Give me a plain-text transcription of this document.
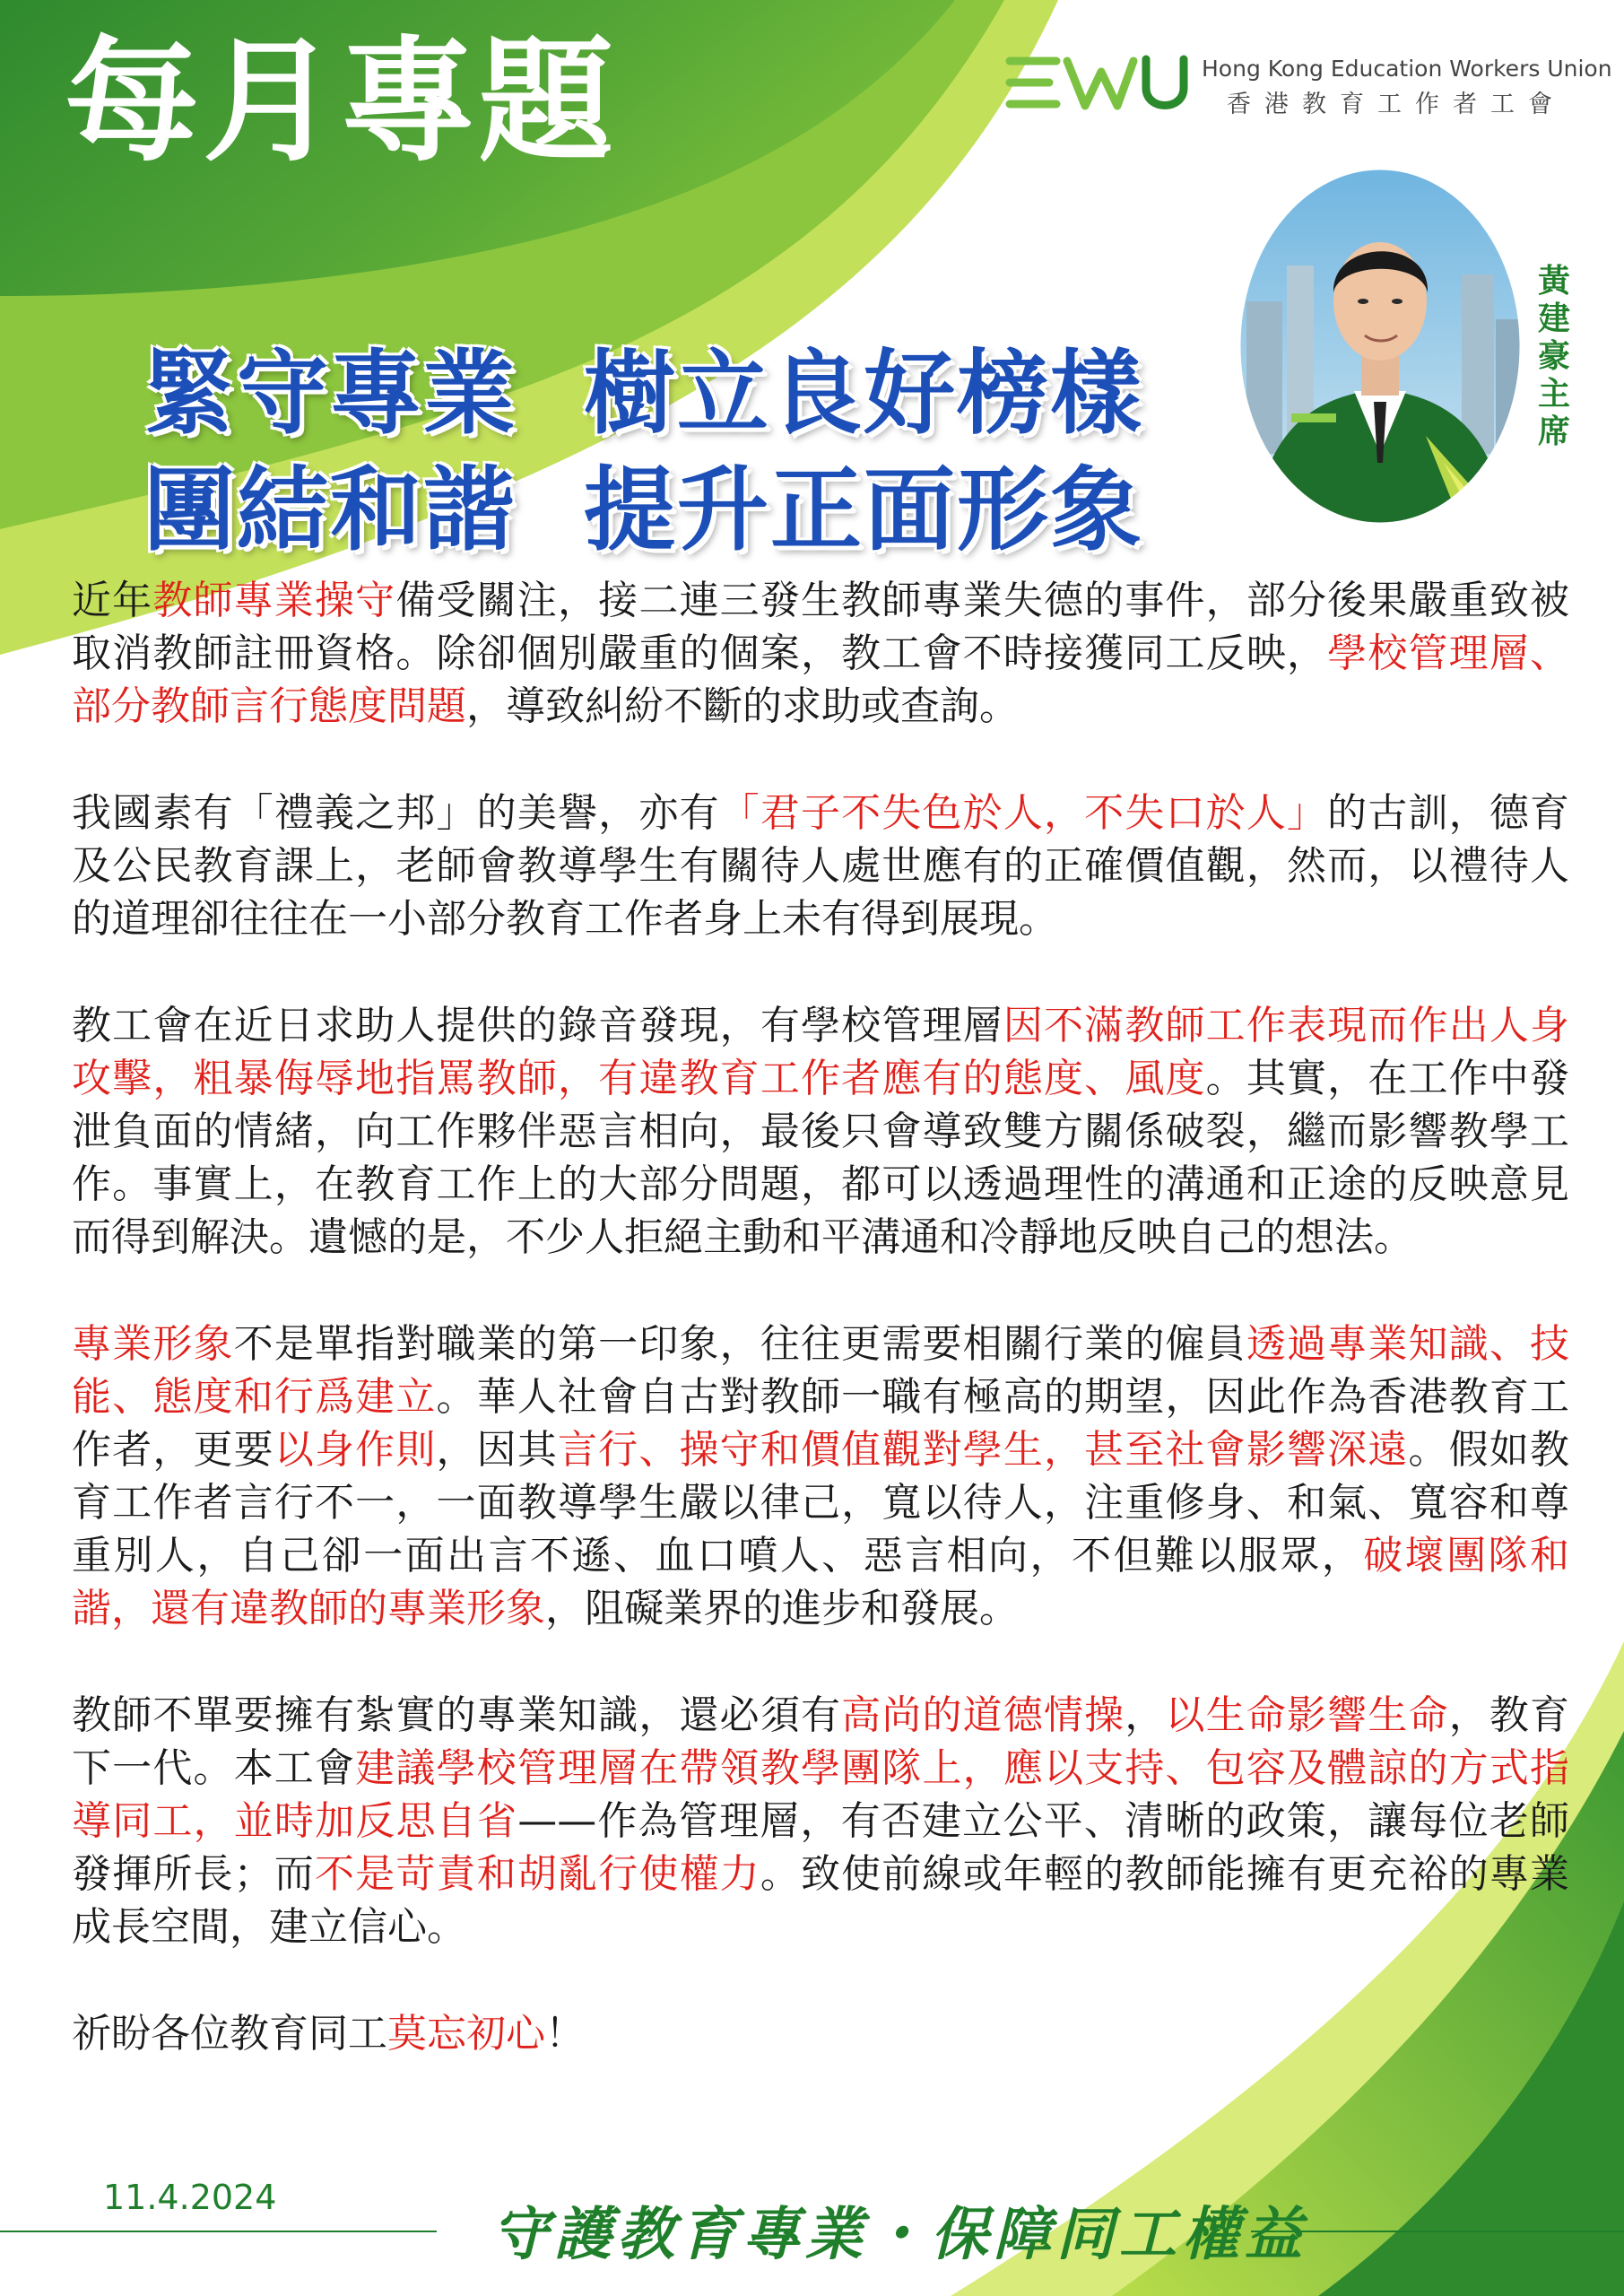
每月專題	Hong Kong Education Workers Union
香港教育工作者工會
緊守專業  樹立良好榜樣
團結和諧  提升正面形象
黃建豪主席

近年教師專業操守備受關注，接二連三發生教師專業失德的事件，部分後果嚴重致被取消教師註冊資格。除卻個別嚴重的個案，教工會不時接獲同工反映，學校管理層、部分教師言行態度問題，導致糾紛不斷的求助或查詢。

我國素有「禮義之邦」的美譽，亦有「君子不失色於人，不失口於人」的古訓，德育及公民教育課上，老師會教導學生有關待人處世應有的正確價值觀，然而，以禮待人的道理卻往往在一小部分教育工作者身上未有得到展現。

教工會在近日求助人提供的錄音發現，有學校管理層因不滿教師工作表現而作出人身攻擊，粗暴侮辱地指罵教師，有違教育工作者應有的態度、風度。其實，在工作中發泄負面的情緒，向工作夥伴惡言相向，最後只會導致雙方關係破裂，繼而影響教學工作。事實上，在教育工作上的大部分問題，都可以透過理性的溝通和正途的反映意見而得到解決。遺憾的是，不少人拒絕主動和平溝通和冷靜地反映自己的想法。

專業形象不是單指對職業的第一印象，往往更需要相關行業的僱員透過專業知識、技能、態度和行爲建立。華人社會自古對教師一職有極高的期望，因此作為香港教育工作者，更要以身作則，因其言行、操守和價值觀對學生，甚至社會影響深遠。假如教育工作者言行不一，一面教導學生嚴以律己，寬以待人，注重修身、和氣、寬容和尊重別人，自己卻一面出言不遜、血口噴人、惡言相向，不但難以服眾，破壞團隊和諧，還有違教師的專業形象，阻礙業界的進步和發展。

教師不單要擁有紮實的專業知識，還必須有高尚的道德情操，以生命影響生命，教育下一代。本工會建議學校管理層在帶領教學團隊上，應以支持、包容及體諒的方式指導同工，並時加反思自省——作為管理層，有否建立公平、清晰的政策，讓每位老師發揮所長；而不是苛責和胡亂行使權力。致使前線或年輕的教師能擁有更充裕的專業成長空間，建立信心。

祈盼各位教育同工莫忘初心！

11.4.2024
守護教育專業・保障同工權益
